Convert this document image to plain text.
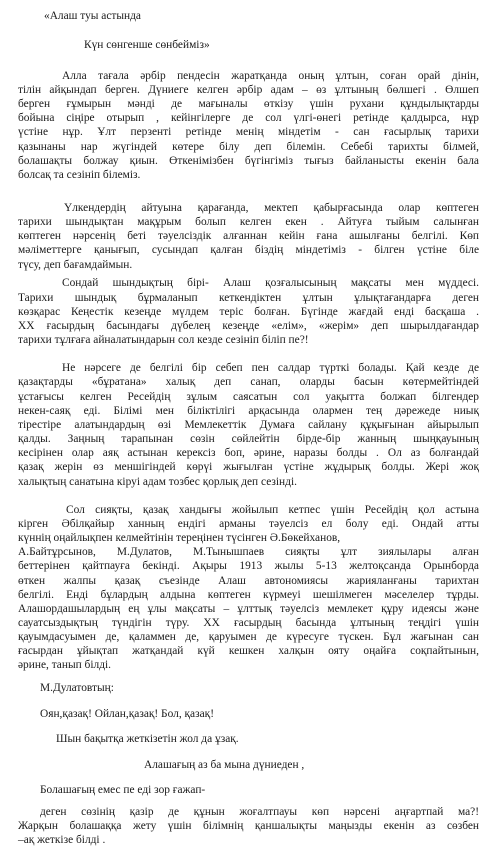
«Алаш туы астында
Күн сөнгенше сөнбейміз»
Алла тағала әрбір пендесін жаратқанда оның ұлтын, соған орай дінін,
тілін айқындап берген. Дүниеге келген әрбір адам – өз ұлтының бөлшегі . Өлшеп
берген ғұмырын мәнді де мағыналы өткізу үшін рухани құндылықтарды
бойына сіңіре отырып , кейінгілерге де сол үлгі-өнегі ретінде қалдырса, нұр
үстіне нұр. Ұлт перзенті ретінде менің міндетім - сан ғасырлық тарихи
қазынаны нар жүгіндей көтере білу деп білемін. Себебі тарихты білмей,
болашақты болжау қиын. Өткенімізбен бүгінгіміз тығыз байланысты екенін бала
болсақ та сезініп білеміз.
Үлкендердің айтуына қарағанда, мектеп қабырғасында олар көптеген
тарихи шындықтан мақұрым болып келген екен . Айтуға тыйым салынған
көптеген нәрсенің беті тәуелсіздік алғаннан кейін ғана ашылғаны белгілі. Көп
мәліметтерге қанығып, сусындап қалған біздің міндетіміз - білген үстіне біле
түсу, деп бағамдаймын.
Сондай шындықтың бірі- Алаш қозғалысының мақсаты мен мүддесі.
Тарихи шындық бұрмаланып кеткендіктен ұлтын ұлықтағандарға деген
көзқарас Кеңестік кезеңде мүлдем теріс болған. Бүгінде жағдай енді басқаша .
XX ғасырдың басындағы дүбелең кезеңде «елім», «жерім» деп шырылдағандар
тарихи тұлғаға айналатындарын сол кезде сезініп біліп пе?!
Не нәрсеге де белгілі бір себеп пен салдар түрткі болады. Қай кезде де
қазақтарды «бұратана» халық деп санап, оларды басын көтермейтіндей
ұстағысы келген Ресейдің зұлым саясатын сол уақытта болжап білгендер
некен-саяқ еді. Білімі мен біліктілігі арқасында олармен тең дәрежеде ниық
тірестіре алатындардың өзі Мемлекеттік Думаға сайлану құқығынан айырылып
қалды. Заңның тарапынан сөзін сөйлейтін бірде-бір жанның шыңқауының
кесірінен олар аяқ астынан керексіз боп, әрине, наразы болды . Ол аз болғандай
қазақ жерін өз меншігіндей көрүі жығылған үстіне жұдырық болды. Жері жоқ
халықтың санатына кіруі адам тозбес қорлық деп сезінді.
Сол сияқты, қазақ хандығы жойылып кетпес үшін Ресейдің қол астына
кірген Әбілқайыр ханның ендігі арманы тәуелсіз ел болу еді. Ондай атты
күннің оңайлықпен келмейтінін тереңінен түсінген Ә.Бөкейханов,
А.Байтұрсынов, М.Дулатов, М.Тынышпаев сияқты ұлт зиялылары алған
беттерінен қайтпауға бекінді. Ақыры 1913 жылы 5-13 желтоқсанда Орынборда
өткен жалпы қазақ съезінде Алаш автономиясы жарияланғаны тарихтан
белгілі. Енді бұлардың алдына көптеген күрмеуі шешілмеген мәселелер тұрды.
Алашордашылардың ең ұлы мақсаты – ұлттық тәуелсіз мемлекет құру идеясы және
сауатсыздықтың түндігін түру. XX ғасырдың басында ұлтының теңдігі үшін
қауымдасуымен де, қаламмен де, қаруымен де күресуге түскен. Бұл жағынан сан
ғасырдан ұйықтап жатқандай күй кешкен халқын ояту оңайға соқпайтынын,
әрине, танып білді.
М.Дулатовтың:
Оян,қазақ! Ойлан,қазақ! Бол, қазақ!
Шын бақытқа жеткізетін жол да ұзақ.
Алашағың аз ба мына дүниеден ,
Болашағың емес пе еді зор ғажап-
деген сөзінің қазір де құнын жоғалтпауы көп нәрсені аңғартпай ма?!
Жарқын болашаққа жету үшін білімнің қаншалықты маңызды екенін аз сөзбен
–ақ жеткізе білді .
